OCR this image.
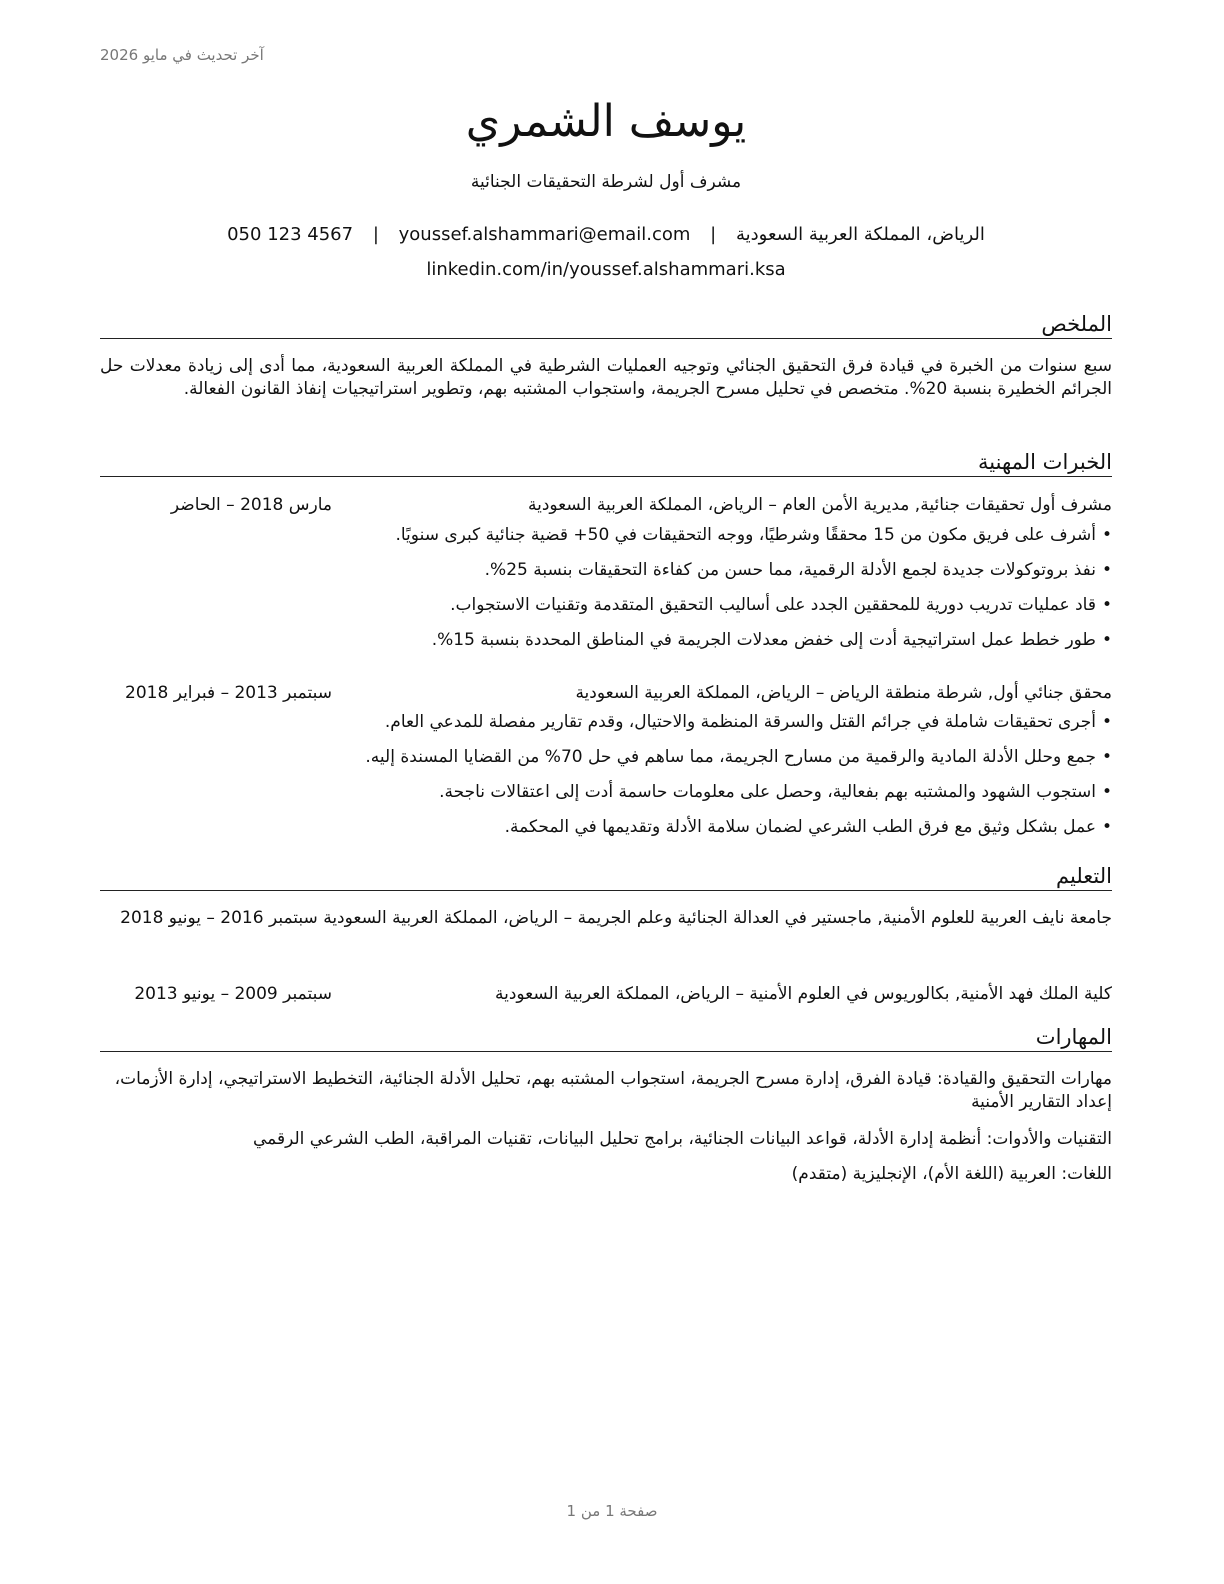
آخر تحديث في مايو 2026
يوسف الشمري
مشرف أول لشرطة التحقيقات الجنائية
الرياض، المملكة العربية السعودية | youssef.alshammari@email.com | 050 123 4567
linkedin.com/in/youssef.alshammari.ksa
الملخص
سبع سنوات من الخبرة في قيادة فرق التحقيق الجنائي وتوجيه العمليات الشرطية في المملكة العربية السعودية، مما أدى إلى زيادة معدلات حل الجرائم الخطيرة بنسبة 20%. متخصص في تحليل مسرح الجريمة، واستجواب المشتبه بهم، وتطوير استراتيجيات إنفاذ القانون الفعالة.
الخبرات المهنية
مشرف أول تحقيقات جنائية, مديرية الأمن العام – الرياض، المملكة العربية السعودية
مارس 2018 – الحاضر
•أشرف على فريق مكون من 15 محققًا وشرطيًا، ووجه التحقيقات في 50+ قضية جنائية كبرى سنويًا.
•نفذ بروتوكولات جديدة لجمع الأدلة الرقمية، مما حسن من كفاءة التحقيقات بنسبة 25%.
•قاد عمليات تدريب دورية للمحققين الجدد على أساليب التحقيق المتقدمة وتقنيات الاستجواب.
•طور خطط عمل استراتيجية أدت إلى خفض معدلات الجريمة في المناطق المحددة بنسبة 15%.
محقق جنائي أول, شرطة منطقة الرياض – الرياض، المملكة العربية السعودية
سبتمبر 2013 – فبراير 2018
•أجرى تحقيقات شاملة في جرائم القتل والسرقة المنظمة والاحتيال، وقدم تقارير مفصلة للمدعي العام.
•جمع وحلل الأدلة المادية والرقمية من مسارح الجريمة، مما ساهم في حل 70% من القضايا المسندة إليه.
•استجوب الشهود والمشتبه بهم بفعالية، وحصل على معلومات حاسمة أدت إلى اعتقالات ناجحة.
•عمل بشكل وثيق مع فرق الطب الشرعي لضمان سلامة الأدلة وتقديمها في المحكمة.
التعليم
جامعة نايف العربية للعلوم الأمنية, ماجستير في العدالة الجنائية وعلم الجريمة – الرياض، المملكة العربية السعودية سبتمبر 2016 – يونيو 2018
كلية الملك فهد الأمنية, بكالوريوس في العلوم الأمنية – الرياض، المملكة العربية السعودية
سبتمبر 2009 – يونيو 2013
المهارات
مهارات التحقيق والقيادة: قيادة الفرق، إدارة مسرح الجريمة، استجواب المشتبه بهم، تحليل الأدلة الجنائية، التخطيط الاستراتيجي، إدارة الأزمات، إعداد التقارير الأمنية
التقنيات والأدوات: أنظمة إدارة الأدلة، قواعد البيانات الجنائية، برامج تحليل البيانات، تقنيات المراقبة، الطب الشرعي الرقمي
اللغات: العربية (اللغة الأم)، الإنجليزية (متقدم)
صفحة 1 من 1
